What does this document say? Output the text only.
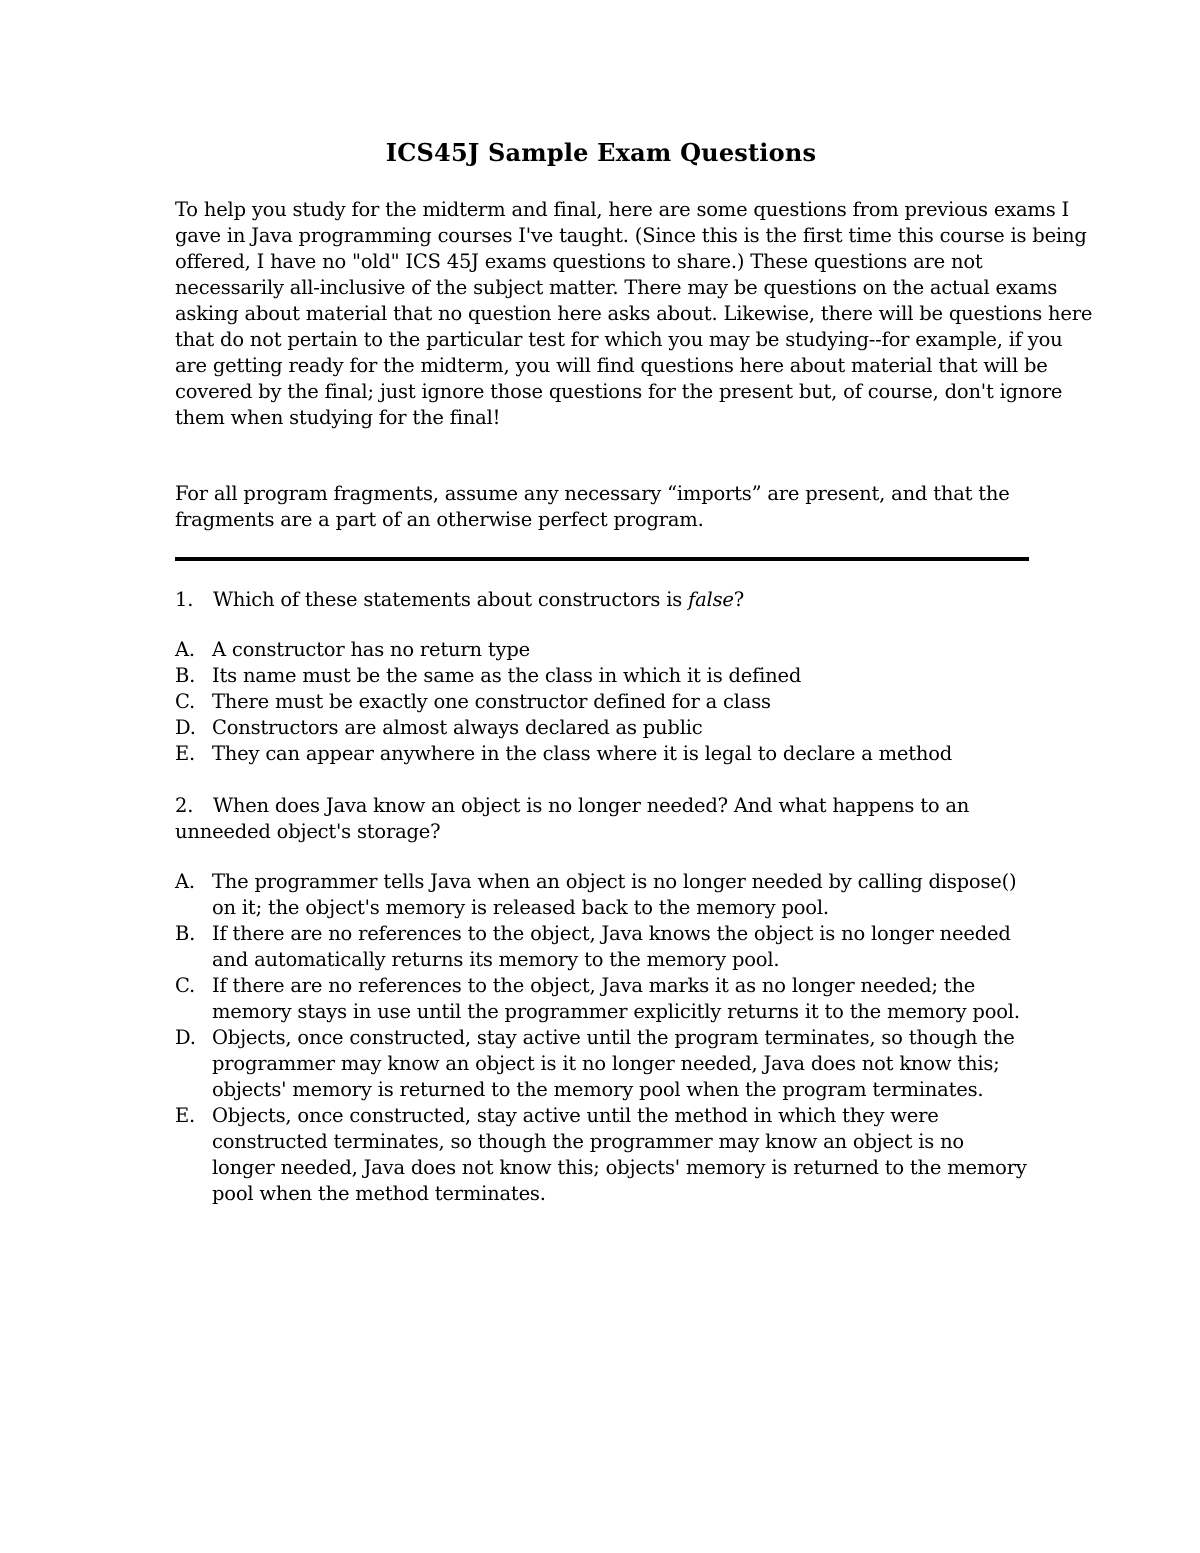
ICS45J Sample Exam Questions

To help you study for the midterm and final, here are some questions from previous exams I gave in Java programming courses I've taught. (Since this is the first time this course is being offered, I have no "old" ICS 45J exams questions to share.) These questions are not necessarily all-inclusive of the subject matter. There may be questions on the actual exams asking about material that no question here asks about. Likewise, there will be questions here that do not pertain to the particular test for which you may be studying--for example, if you are getting ready for the midterm, you will find questions here about material that will be covered by the final; just ignore those questions for the present but, of course, don't ignore them when studying for the final!

For all program fragments, assume any necessary “imports” are present, and that the fragments are a part of an otherwise perfect program.

1. Which of these statements about constructors is false?

A. A constructor has no return type
B. Its name must be the same as the class in which it is defined
C. There must be exactly one constructor defined for a class
D. Constructors are almost always declared as public
E. They can appear anywhere in the class where it is legal to declare a method

2. When does Java know an object is no longer needed? And what happens to an unneeded object's storage?

A. The programmer tells Java when an object is no longer needed by calling dispose() on it; the object's memory is released back to the memory pool.
B. If there are no references to the object, Java knows the object is no longer needed and automatically returns its memory to the memory pool.
C. If there are no references to the object, Java marks it as no longer needed; the memory stays in use until the programmer explicitly returns it to the memory pool.
D. Objects, once constructed, stay active until the program terminates, so though the programmer may know an object is it no longer needed, Java does not know this; objects' memory is returned to the memory pool when the program terminates.
E. Objects, once constructed, stay active until the method in which they were constructed terminates, so though the programmer may know an object is no longer needed, Java does not know this; objects' memory is returned to the memory pool when the method terminates.
